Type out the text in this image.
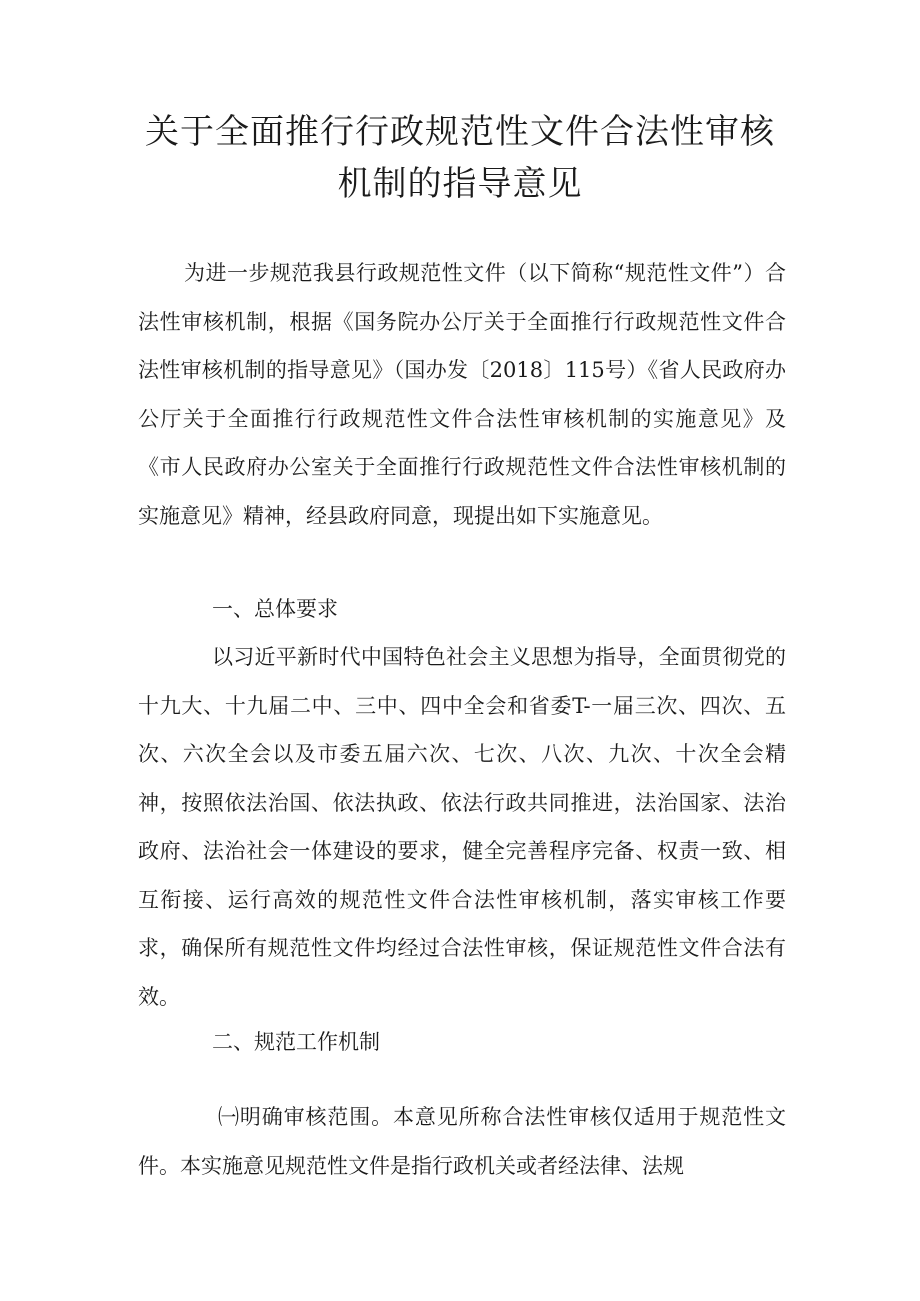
关于全面推行行政规范性文件合法性审核
机制的指导意见

为进一步规范我县行政规范性文件（以下简称“规范性文件”）合法性审核机制，根据《国务院办公厅关于全面推行行政规范性文件合法性审核机制的指导意见》（国办发〔2018〕115号）《省人民政府办公厅关于全面推行行政规范性文件合法性审核机制的实施意见》及《市人民政府办公室关于全面推行行政规范性文件合法性审核机制的实施意见》精神，经县政府同意，现提出如下实施意见。

一、总体要求

以习近平新时代中国特色社会主义思想为指导，全面贯彻党的十九大、十九届二中、三中、四中全会和省委T-一届三次、四次、五次、六次全会以及市委五届六次、七次、八次、九次、十次全会精神，按照依法治国、依法执政、依法行政共同推进，法治国家、法治政府、法治社会一体建设的要求，健全完善程序完备、权责一致、相互衔接、运行高效的规范性文件合法性审核机制，落实审核工作要求，确保所有规范性文件均经过合法性审核，保证规范性文件合法有效。

二、规范工作机制

㈠明确审核范围。本意见所称合法性审核仅适用于规范性文件。本实施意见规范性文件是指行政机关或者经法律、法规
